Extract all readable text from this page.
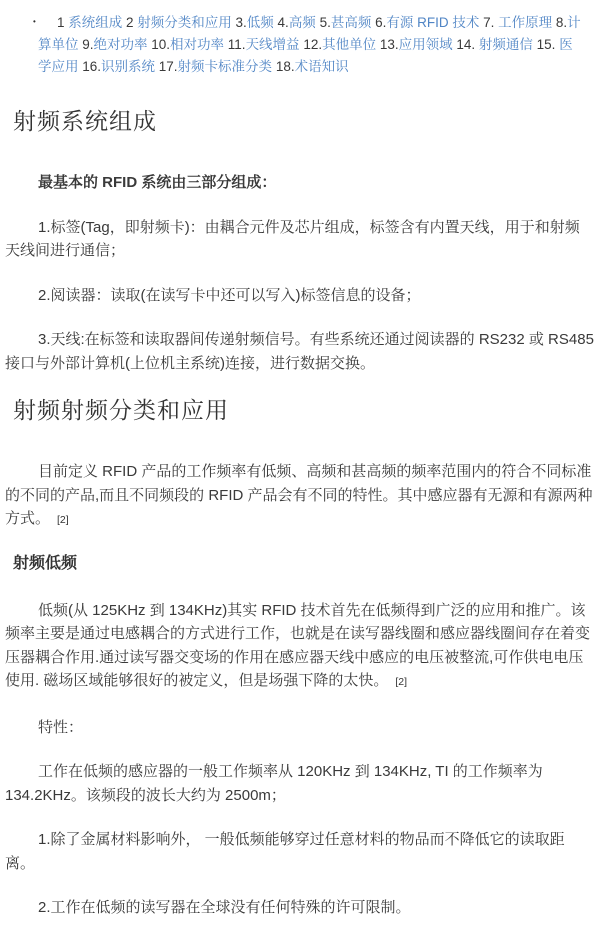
•	1 系统组成 2 射频分类和应用 3.低频 4.高频 5.甚高频 6.有源 RFID 技术 7. 工作原理 8.计
算单位 9.绝对功率 10.相对功率 11.天线增益 12.其他单位 13.应用领域 14. 射频通信 15. 医
学应用 16.识别系统 17.射频卡标准分类 18.术语知识
射频系统组成

最基本的 RFID 系统由三部分组成：

1.标签(Tag，即射频卡)：由耦合元件及芯片组成，标签含有内置天线，用于和射频天线间进行通信；

2.阅读器：读取(在读写卡中还可以写入)标签信息的设备；

3.天线:在标签和读取器间传递射频信号。有些系统还通过阅读器的 RS232 或 RS485 接口与外部计算机(上位机主系统)连接，进行数据交换。

射频射频分类和应用

目前定义 RFID 产品的工作频率有低频、高频和甚高频的频率范围内的符合不同标准的不同的产品,而且不同频段的 RFID 产品会有不同的特性。其中感应器有无源和有源两种方式。 [2]

射频低频

低频(从 125KHz 到 134KHz)其实 RFID 技术首先在低频得到广泛的应用和推广。该频率主要是通过电感耦合的方式进行工作，也就是在读写器线圈和感应器线圈间存在着变压器耦合作用.通过读写器交变场的作用在感应器天线中感应的电压被整流,可作供电电压使用. 磁场区域能够很好的被定义，但是场强下降的太快。 [2]

特性：

工作在低频的感应器的一般工作频率从 120KHz 到 134KHz, TI 的工作频率为134.2KHz。该频段的波长大约为 2500m；

1.除了金属材料影响外， 一般低频能够穿过任意材料的物品而不降低它的读取距离。

2.工作在低频的读写器在全球没有任何特殊的许可限制。
